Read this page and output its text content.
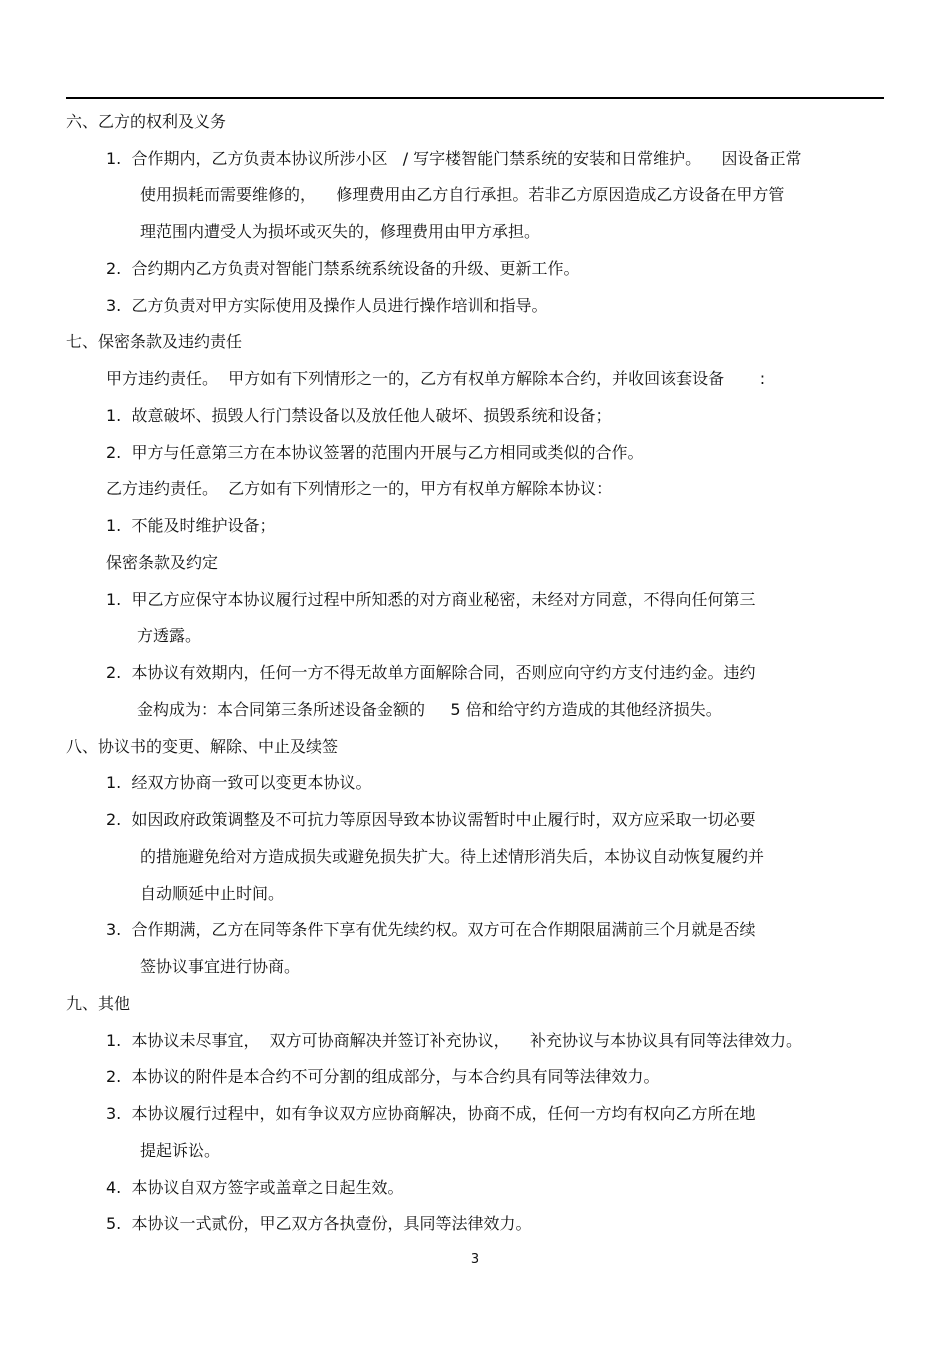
六、乙方的权利及义务
1.  合作期内，乙方负责本协议所涉小区   / 写字楼智能门禁系统的安装和日常维护。    因设备正常
使用损耗而需要维修的，    修理费用由乙方自行承担。若非乙方原因造成乙方设备在甲方管
理范围内遭受人为损坏或灭失的，修理费用由甲方承担。
2.  合约期内乙方负责对智能门禁系统系统设备的升级、更新工作。
3.  乙方负责对甲方实际使用及操作人员进行操作培训和指导。
七、保密条款及违约责任
甲方违约责任。  甲方如有下列情形之一的，乙方有权单方解除本合约，并收回该套设备       :
1.  故意破坏、损毁人行门禁设备以及放任他人破坏、损毁系统和设备；
2.  甲方与任意第三方在本协议签署的范围内开展与乙方相同或类似的合作。
乙方违约责任。  乙方如有下列情形之一的，甲方有权单方解除本协议：
1.  不能及时维护设备；
保密条款及约定
1.  甲乙方应保守本协议履行过程中所知悉的对方商业秘密，未经对方同意，不得向任何第三
方透露。
2.  本协议有效期内，任何一方不得无故单方面解除合同，否则应向守约方支付违约金。违约
金构成为：本合同第三条所述设备金额的     5 倍和给守约方造成的其他经济损失。
八、协议书的变更、解除、中止及续签
1.  经双方协商一致可以变更本协议。
2.  如因政府政策调整及不可抗力等原因导致本协议需暂时中止履行时，双方应采取一切必要
的措施避免给对方造成损失或避免损失扩大。待上述情形消失后，本协议自动恢复履约并
自动顺延中止时间。
3.  合作期满，乙方在同等条件下享有优先续约权。双方可在合作期限届满前三个月就是否续
签协议事宜进行协商。
九、其他
1.  本协议未尽事宜，  双方可协商解决并签订补充协议，    补充协议与本协议具有同等法律效力。
2.  本协议的附件是本合约不可分割的组成部分，与本合约具有同等法律效力。
3.  本协议履行过程中，如有争议双方应协商解决，协商不成，任何一方均有权向乙方所在地
提起诉讼。
4.  本协议自双方签字或盖章之日起生效。
5.  本协议一式贰份，甲乙双方各执壹份，具同等法律效力。
3
